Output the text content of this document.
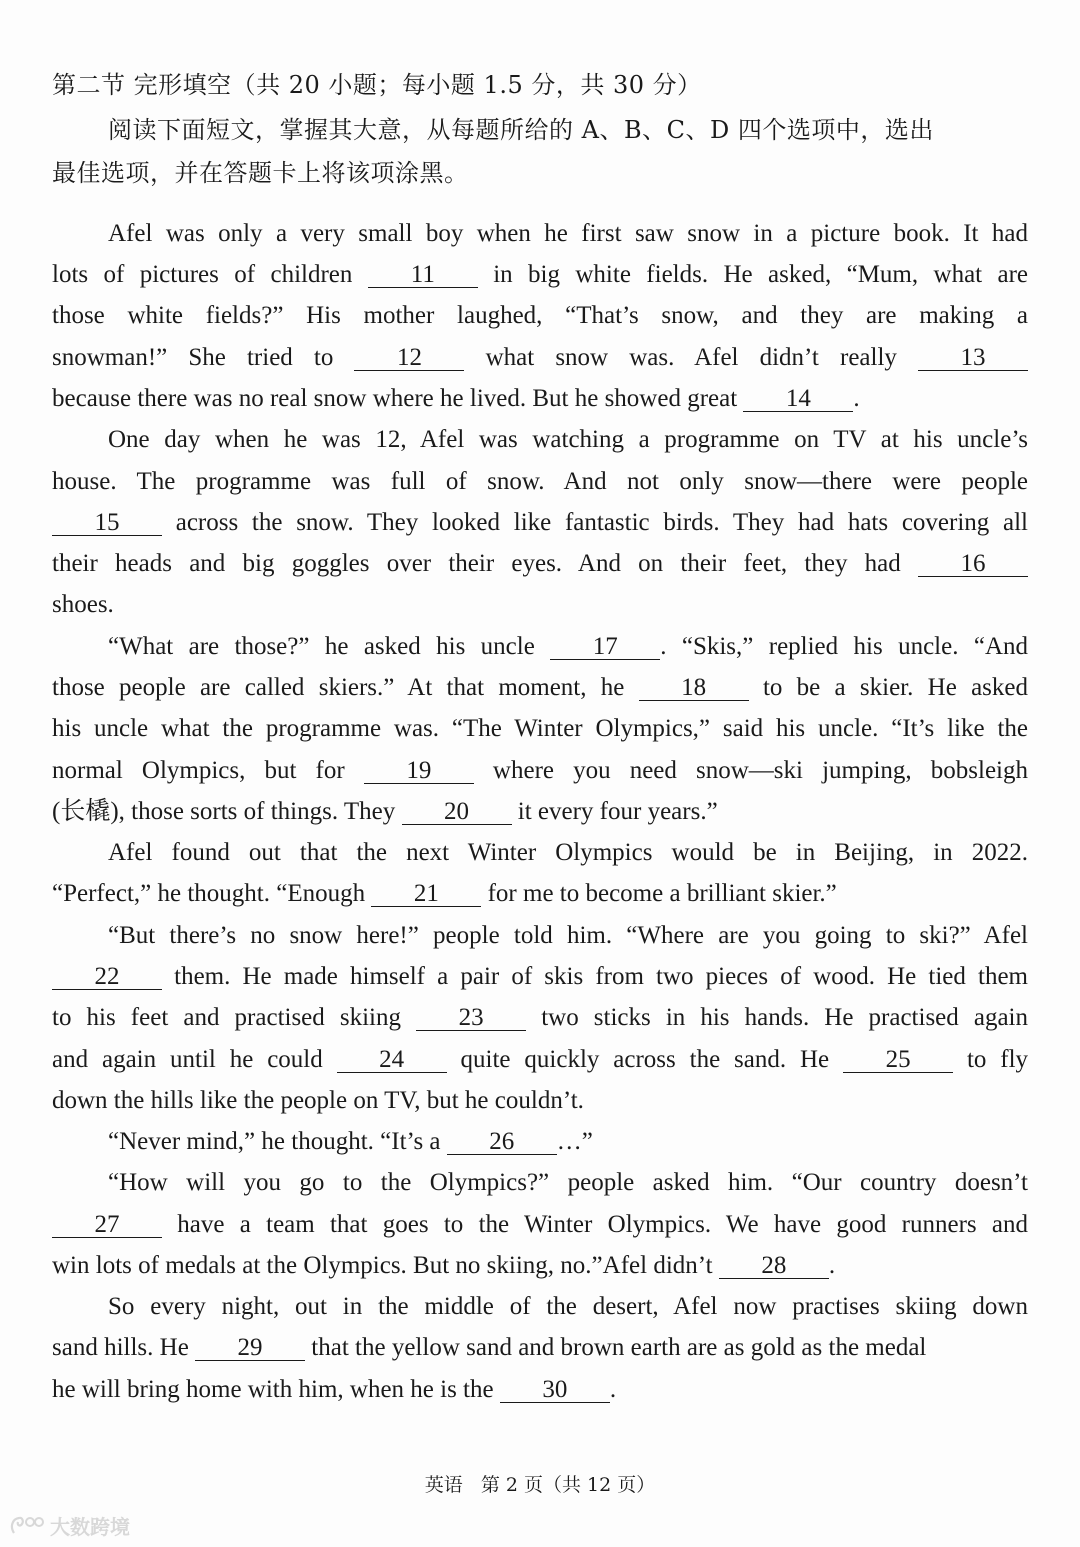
第二节 完形填空（共 20 小题；每小题 1.5 分，共 30 分）
阅读下面短文，掌握其大意，从每题所给的 A、B、C、D 四个选项中，选出
最佳选项，并在答题卡上将该项涂黑。
Afel was only a very small boy when he first saw snow in a picture book. It had
lots of pictures of children 11 in big white fields. He asked, “Mum, what are
those white fields?” His mother laughed, “That’s snow, and they are making a
snowman!” She tried to	12	what snow was. Afel didn’t really	13
because there was no real snow where he lived. But he showed great 14 .
One day when he was 12, Afel was watching a programme on TV at his uncle’s
house. The programme was full of snow. And not only snow—there were people
15 across the snow. They looked like fantastic birds. They had hats covering all
their heads and big goggles over their eyes. And on their feet, they had 16
shoes.
“What are those?” he asked his uncle 17 . “Skis,” replied his uncle. “And
those people are called skiers.” At that moment, he 18 to be a skier. He asked
his uncle what the programme was. “The Winter Olympics,” said his uncle. “It’s like the
normal Olympics, but for 19 where you need snow—ski jumping, bobsleigh
(长橇), those sorts of things. They 20 it every four years.”
Afel found out that the next Winter Olympics would be in Beijing, in 2022.
“Perfect,” he thought. “Enough 21 for me to become a brilliant skier.”
“But there’s no snow here!” people told him. “Where are you going to ski?” Afel
22 them. He made himself a pair of skis from two pieces of wood. He tied them
to his feet and practised skiing 23 two sticks in his hands. He practised again
and again until he could 24 quite quickly across the sand. He 25 to fly
down the hills like the people on TV, but he couldn’t.
“Never mind,” he thought. “It’s a 26 …”
“How will you go to the Olympics?” people asked him. “Our country doesn’t
27 have a team that goes to the Winter Olympics. We have good runners and
win lots of medals at the Olympics. But no skiing, no.”Afel didn’t 28 .
So every night, out in the middle of the desert, Afel now practises skiing down
sand hills. He 29 that the yellow sand and brown earth are as gold as the medal
he will bring home with him, when he is the 30 .
英语 第 2 页（共 12 页）
大数跨境
